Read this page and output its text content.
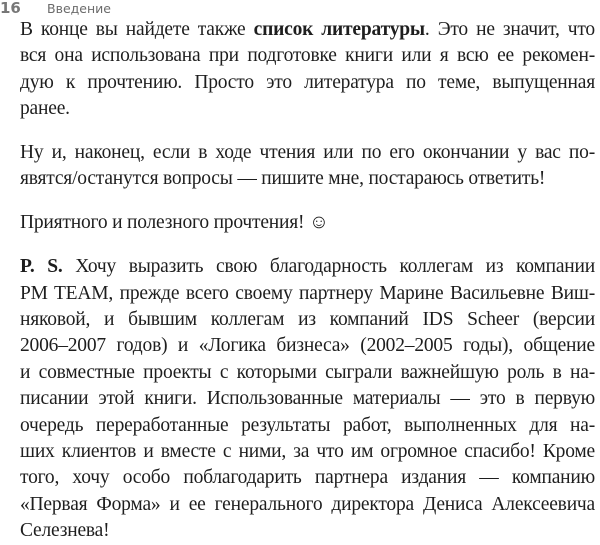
16 Введение
В конце вы найдете также список литературы. Это не значит, что
вся она использована при подготовке книги или я всю ее рекомен-
дую к прочтению. Просто это литература по теме, выпущенная
ранее.
Ну и, наконец, если в ходе чтения или по его окончании у вас по-
явятся/останутся вопросы — пишите мне, постараюсь ответить!
Приятного и полезного прочтения! ☺
P. S. Хочу выразить свою благодарность коллегам из компании
PM TEAM, прежде всего своему партнеру Марине Васильевне Виш-
няковой, и бывшим коллегам из компаний IDS Scheer (версии
2006–2007 годов) и «Логика бизнеса» (2002–2005 годы), общение
и совместные проекты с которыми сыграли важнейшую роль в на-
писании этой книги. Использованные материалы — это в первую
очередь переработанные результаты работ, выполненных для на-
ших клиентов и вместе с ними, за что им огромное спасибо! Кроме
того, хочу особо поблагодарить партнера издания — компанию
«Первая Форма» и ее генерального директора Дениса Алексеевича
Селезнева!
